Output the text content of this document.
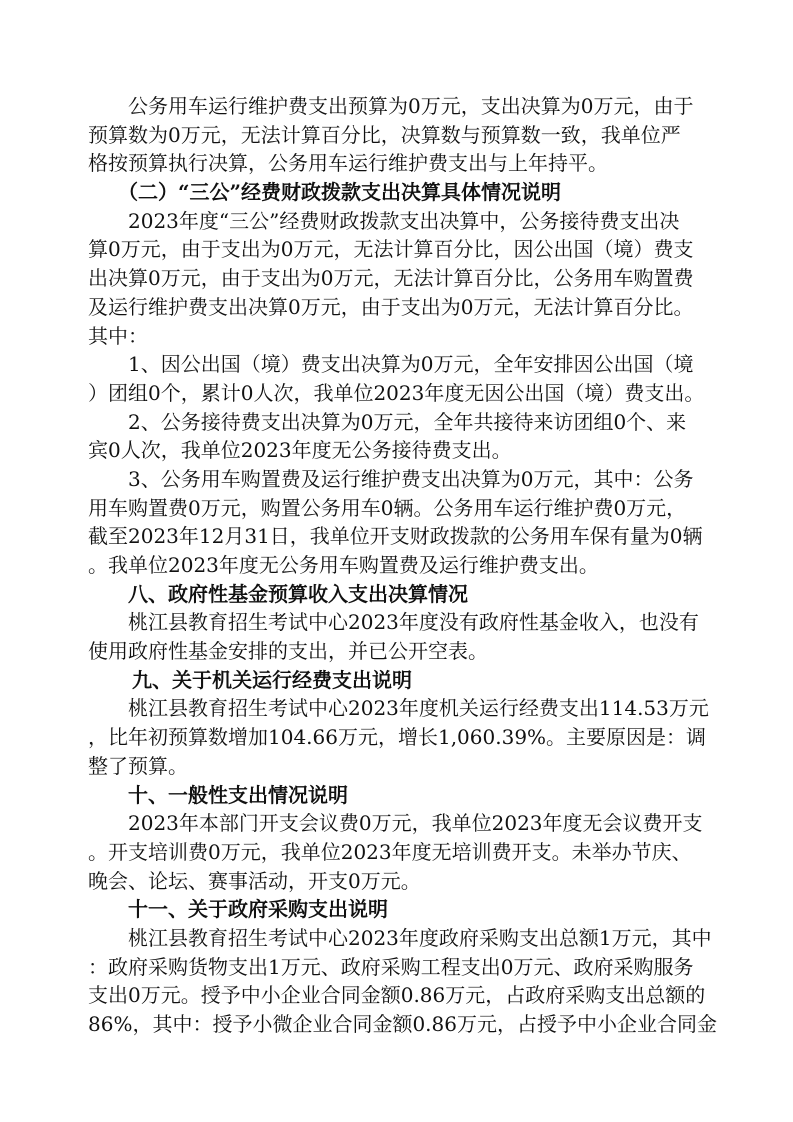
公务用车运行维护费支出预算为0万元，支出决算为0万元，由于
预算数为0万元，无法计算百分比，决算数与预算数一致，我单位严
格按预算执行决算，公务用车运行维护费支出与上年持平。
（二）“三公”经费财政拨款支出决算具体情况说明
2023年度“三公”经费财政拨款支出决算中，公务接待费支出决
算0万元，由于支出为0万元，无法计算百分比，因公出国（境）费支
出决算0万元，由于支出为0万元，无法计算百分比，公务用车购置费
及运行维护费支出决算0万元，由于支出为0万元，无法计算百分比。
其中：
1、因公出国（境）费支出决算为0万元，全年安排因公出国（境
）团组0个，累计0人次，我单位2023年度无因公出国（境）费支出。
2、公务接待费支出决算为0万元，全年共接待来访团组0个、来
宾0人次，我单位2023年度无公务接待费支出。
3、公务用车购置费及运行维护费支出决算为0万元，其中：公务
用车购置费0万元，购置公务用车0辆。公务用车运行维护费0万元，
截至2023年12月31日，我单位开支财政拨款的公务用车保有量为0辆
。我单位2023年度无公务用车购置费及运行维护费支出。
八、政府性基金预算收入支出决算情况
桃江县教育招生考试中心2023年度没有政府性基金收入，也没有
使用政府性基金安排的支出，并已公开空表。
九、关于机关运行经费支出说明
桃江县教育招生考试中心2023年度机关运行经费支出114.53万元
，比年初预算数增加104.66万元，增长1,060.39%。主要原因是：调
整了预算。
十、一般性支出情况说明
2023年本部门开支会议费0万元，我单位2023年度无会议费开支
。开支培训费0万元，我单位2023年度无培训费开支。未举办节庆、
晚会、论坛、赛事活动，开支0万元。
十一、关于政府采购支出说明
桃江县教育招生考试中心2023年度政府采购支出总额1万元，其中
：政府采购货物支出1万元、政府采购工程支出0万元、政府采购服务
支出0万元。授予中小企业合同金额0.86万元，占政府采购支出总额的
86%，其中：授予小微企业合同金额0.86万元，占授予中小企业合同金
